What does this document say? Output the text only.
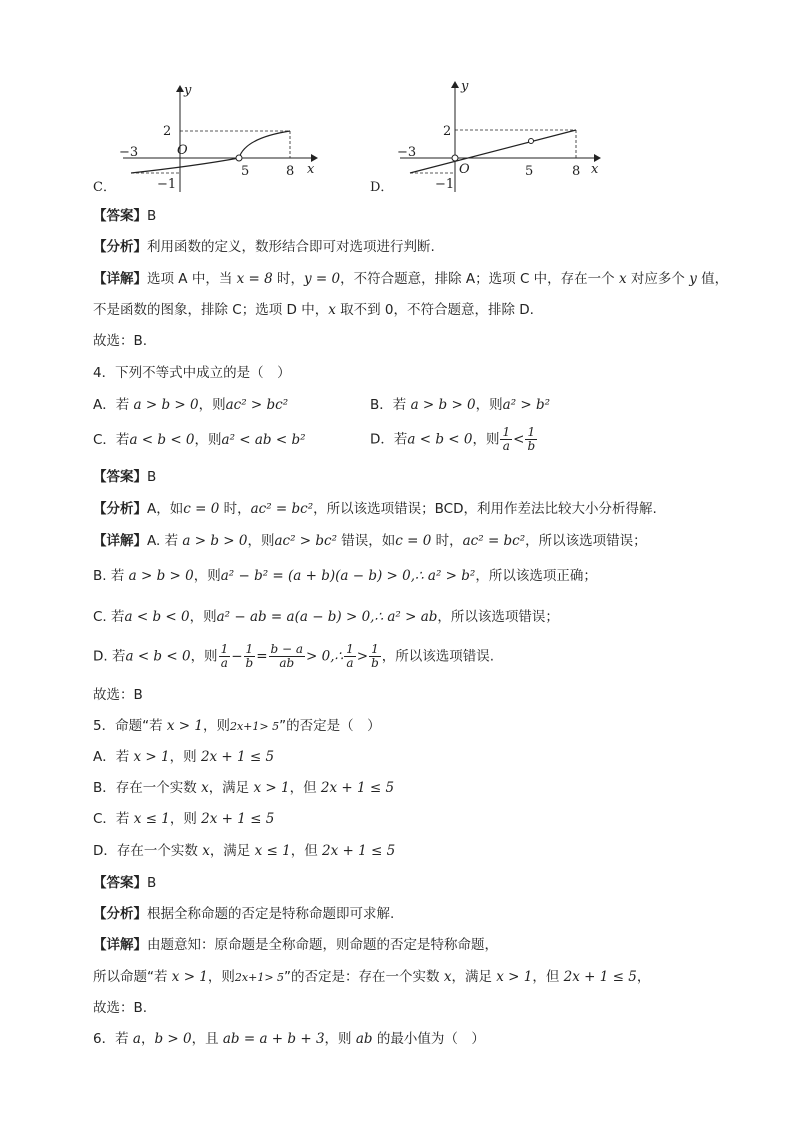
C．
y
x
O
2
−3
−1
5	8
D．
y
x
O
2
−3
−1
5	8
【答案】B
【分析】利用函数的定义，数形结合即可对选项进行判断.
【详解】选项 A 中，当 x = 8 时，y = 0，不符合题意，排除 A；选项 C 中，存在一个 x 对应多个 y 值，
不是函数的图象，排除 C；选项 D 中，x 取不到 0，不符合题意，排除 D.
故选：B.
4．下列不等式中成立的是（　）
A．若 a > b > 0，则ac² > bc²	B．若 a > b > 0，则a² > b²
C．若a < b < 0，则a² < ab < b²	D．若a < b < 0，则 $\frac{1}{a} < \frac{1}{b}$
【答案】B
【分析】A，如c = 0 时，ac² = bc²，所以该选项错误；BCD，利用作差法比较大小分析得解.
【详解】A. 若 a > b > 0，则ac² > bc² 错误，如c = 0 时，ac² = bc²，所以该选项错误；
B. 若 a > b > 0，则a² − b² = (a + b)(a − b) > 0,∴ a² > b²，所以该选项正确；
C. 若a < b < 0，则a² − ab = a(a − b) > 0,∴ a² > ab，所以该选项错误；
D. 若a < b < 0，则 $\frac{1}{a} - \frac{1}{b} = \frac{b - a}{ab}$ > 0,∴ $\frac{1}{a} > \frac{1}{b}$ ，所以该选项错误.
故选：B
5．命题“若 x > 1，则2x+1> 5”的否定是（　）
A．若 x > 1，则 2x + 1 ≤ 5
B．存在一个实数 x，满足 x > 1，但 2x + 1 ≤ 5
C．若 x ≤ 1，则 2x + 1 ≤ 5
D．存在一个实数 x，满足 x ≤ 1，但 2x + 1 ≤ 5
【答案】B
【分析】根据全称命题的否定是特称命题即可求解.
【详解】由题意知：原命题是全称命题，则命题的否定是特称命题，
所以命题“若 x > 1，则2x+1> 5”的否定是：存在一个实数 x，满足 x > 1，但 2x + 1 ≤ 5，
故选：B.
6．若 a，b > 0，且 ab = a + b + 3，则 ab 的最小值为（　）
